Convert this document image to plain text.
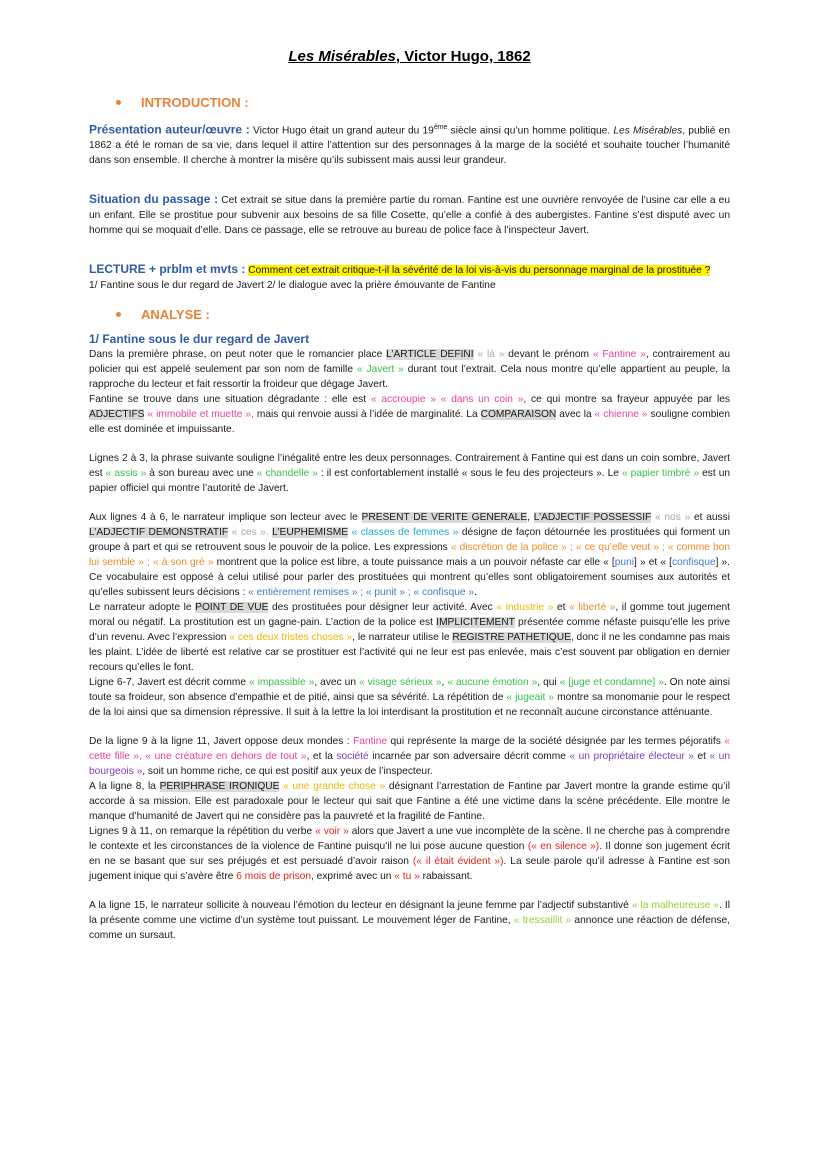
Les Misérables, Victor Hugo, 1862
INTRODUCTION :

Présentation auteur/œuvre : Victor Hugo était un grand auteur du 19ème siècle ainsi qu’un homme politique. Les Misérables, publié en 1862 a été le roman de sa vie, dans lequel il attire l’attention sur des personnages à la marge de la société et souhaite toucher l’humanité dans son ensemble. Il cherche à montrer la misère qu’ils subissent mais aussi leur grandeur.

Situation du passage : Cet extrait se situe dans la première partie du roman. Fantine est une ouvrière renvoyée de l’usine car elle a eu un enfant. Elle se prostitue pour subvenir aux besoins de sa fille Cosette, qu’elle a confié à des aubergistes. Fantine s’est disputé avec un homme qui se moquait d’elle. Dans ce passage, elle se retrouve au bureau de police face à l’inspecteur Javert.

LECTURE + prblm et mvts : Comment cet extrait critique-t-il la sévérité de la loi vis-à-vis du personnage marginal de la prostituée ?

1/ Fantine sous le dur regard de Javert 2/ le dialogue avec la prière émouvante de Fantine

ANALYSE :
1/ Fantine sous le dur regard de Javert

Dans la première phrase, on peut noter que le romancier place L’ARTICLE DEFINI « là » devant le prénom « Fantine », contrairement au policier qui est appelé seulement par son nom de famille « Javert » durant tout l’extrait. Cela nous montre qu’elle appartient au peuple, la rapproche du lecteur et fait ressortir la froideur que dégage Javert.

Fantine se trouve dans une situation dégradante : elle est « accroupie » « dans un coin », ce qui montre sa frayeur appuyée par les ADJECTIFS « immobile et muette », mais qui renvoie aussi à l’idée de marginalité. La COMPARAISON avec la « chienne » souligne combien elle est dominée et impuissante.

Lignes 2 à 3, la phrase suivante souligne l’inégalité entre les deux personnages. Contrairement à Fantine qui est dans un coin sombre, Javert est « assis » à son bureau avec une « chandelle » : il est confortablement installé « sous le feu des projecteurs ». Le « papier timbré » est un papier officiel qui montre l’autorité de Javert.

Aux lignes 4 à 6, le narrateur implique son lecteur avec le PRESENT DE VERITE GENERALE, L’ADJECTIF POSSESSIF « nos » et aussi L’ADJECTIF DEMONSTRATIF « ces ». L’EUPHEMISME « classes de femmes » désigne de façon détournée les prostituées qui forment un groupe à part et qui se retrouvent sous le pouvoir de la police. Les expressions « discrétion de la police » ; « ce qu’elle veut » ; « comme bon lui semble » ; « à son gré » montrent que la police est libre, a toute puissance mais a un pouvoir néfaste car elle « [puni] » et « [confisque] ». Ce vocabulaire est opposé à celui utilisé pour parler des prostituées qui montrent qu’elles sont obligatoirement soumises aux autorités et qu’elles subissent leurs décisions : « entièrement remises » ; « punit » ; « confisque ».

Le narrateur adopte le POINT DE VUE des prostituées pour désigner leur activité. Avec « industrie » et « liberté », il gomme tout jugement moral ou négatif. La prostitution est un gagne-pain. L’action de la police est IMPLICITEMENT présentée comme néfaste puisqu’elle les prive d’un revenu. Avec l’expression « ces deux tristes choses », le narrateur utilise le REGISTRE PATHETIQUE, donc il ne les condamne pas mais les plaint. L’idée de liberté est relative car se prostituer est l’activité qui ne leur est pas enlevée, mais c’est souvent par obligation en dernier recours qu’elles le font.

Ligne 6-7, Javert est décrit comme « impassible », avec un « visage sérieux », « aucune émotion », qui « [juge et condamne] ». On note ainsi toute sa froideur, son absence d’empathie et de pitié, ainsi que sa sévérité. La répétition de « jugeait » montre sa monomanie pour le respect de la loi ainsi que sa dimension répressive. Il suit à la lettre la loi interdisant la prostitution et ne reconnaît aucune circonstance atténuante.

De la ligne 9 à la ligne 11, Javert oppose deux mondes : Fantine qui représente la marge de la société désignée par les termes péjoratifs « cette fille », « une créature en dehors de tout », et la société incarnée par son adversaire décrit comme « un propriétaire électeur » et « un bourgeois », soit un homme riche, ce qui est positif aux yeux de l’inspecteur.

A la ligne 8, la PERIPHRASE IRONIQUE « une grande chose » désignant l’arrestation de Fantine par Javert montre la grande estime qu’il accorde à sa mission. Elle est paradoxale pour le lecteur qui sait que Fantine a été une victime dans la scène précédente. Elle montre le manque d’humanité de Javert qui ne considère pas la pauvreté et la fragilité de Fantine.

Lignes 9 à 11, on remarque la répétition du verbe « voir » alors que Javert a une vue incomplète de la scène. Il ne cherche pas à comprendre le contexte et les circonstances de la violence de Fantine puisqu’il ne lui pose aucune question (« en silence »). Il donne son jugement écrit en ne se basant que sur ses préjugés et est persuadé d’avoir raison (« il était évident »). La seule parole qu’il adresse à Fantine est son jugement inique qui s’avère être 6 mois de prison, exprimé avec un « tu » rabaissant.

A la ligne 15, le narrateur sollicite à nouveau l’émotion du lecteur en désignant la jeune femme par l’adjectif substantivé « la malheureuse ». Il la présente comme une victime d’un système tout puissant. Le mouvement léger de Fantine, « tressaillit » annonce une réaction de défense, comme un sursaut.
